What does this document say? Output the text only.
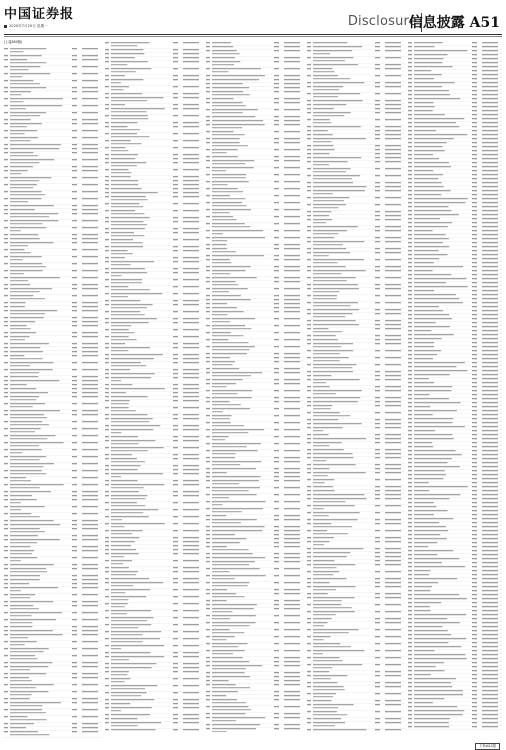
中国证券报
2020年7月20日 星期一	Disclosure
信息披露 A51
(上接A50版)
下转A52版
